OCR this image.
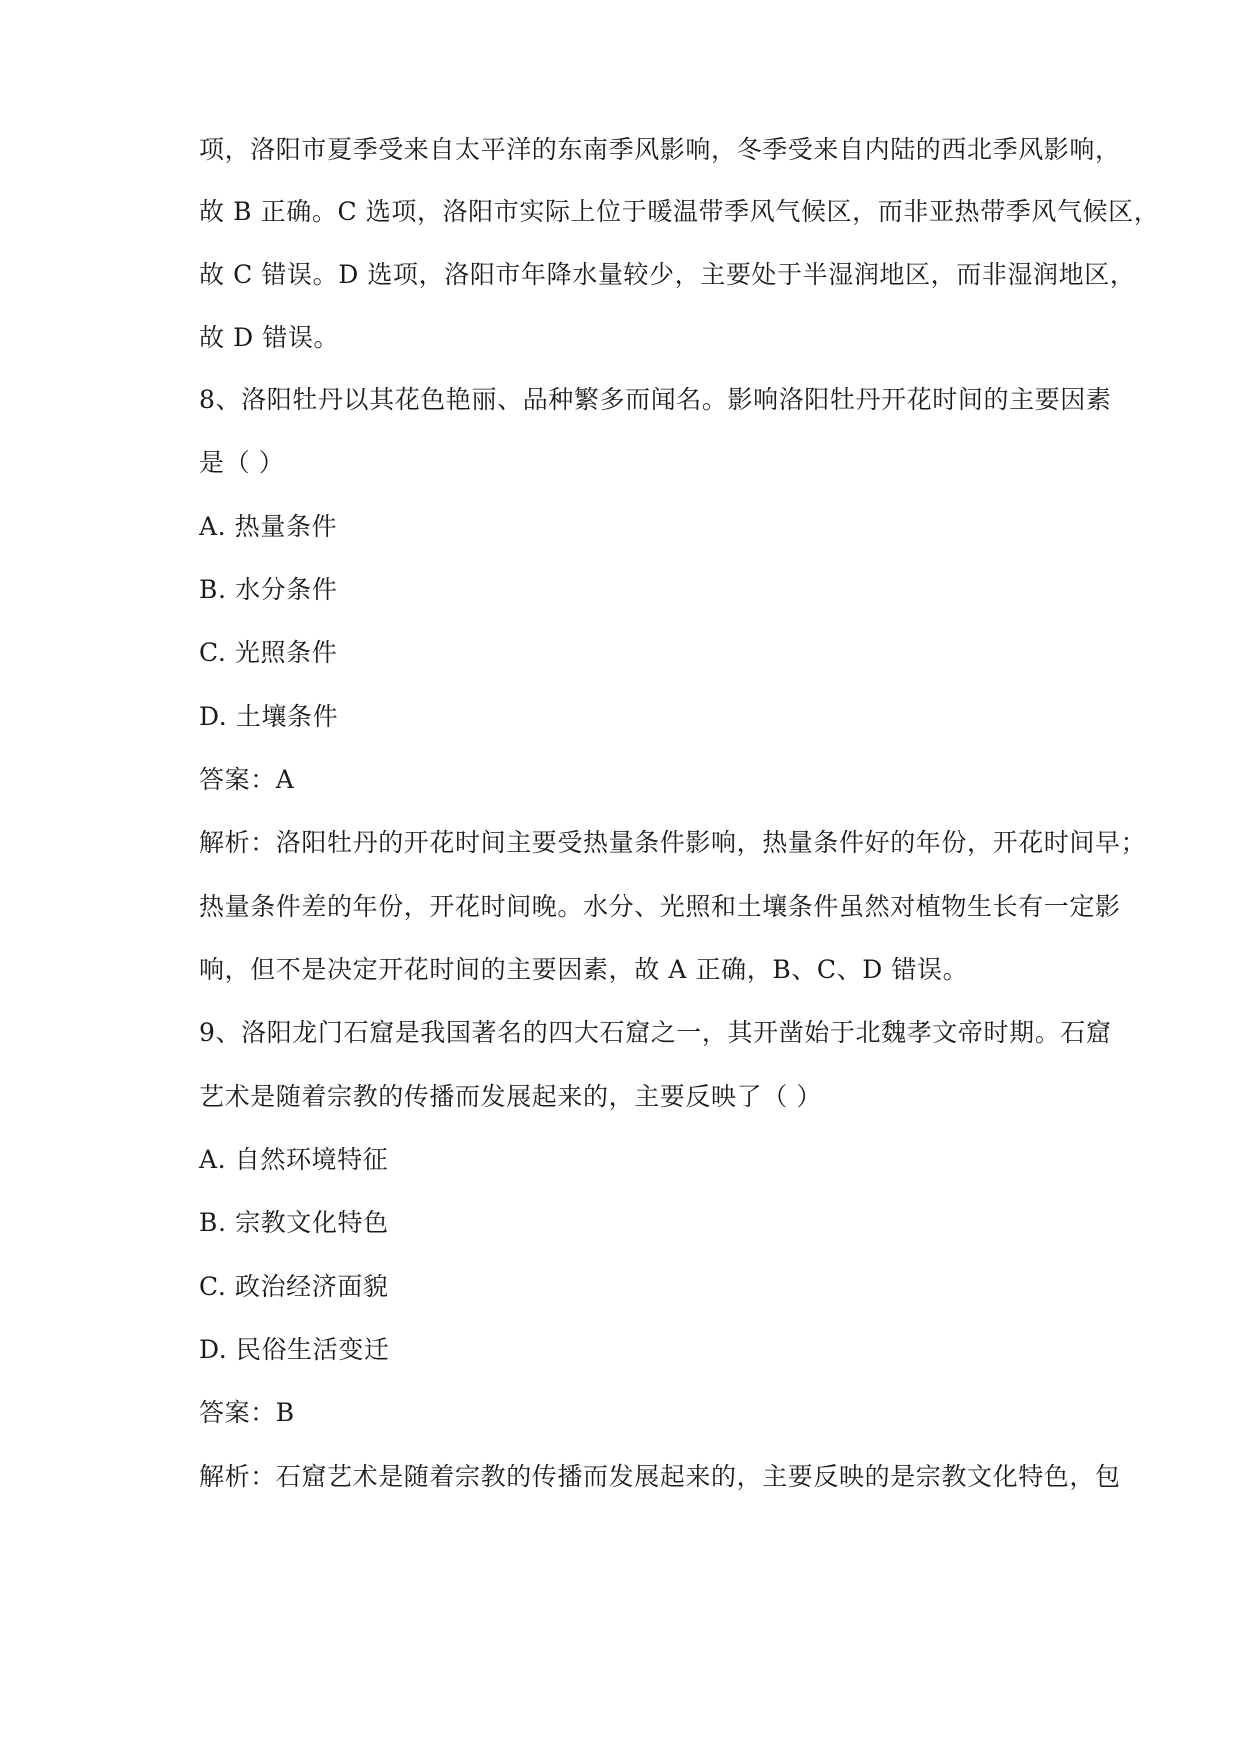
项，洛阳市夏季受来自太平洋的东南季风影响，冬季受来自内陆的西北季风影响，
故 B 正确。C 选项，洛阳市实际上位于暖温带季风气候区，而非亚热带季风气候区，
故 C 错误。D 选项，洛阳市年降水量较少，主要处于半湿润地区，而非湿润地区，
故 D 错误。
8、洛阳牡丹以其花色艳丽、品种繁多而闻名。影响洛阳牡丹开花时间的主要因素
是（ ）
A. 热量条件
B. 水分条件
C. 光照条件
D. 土壤条件
答案：A
解析：洛阳牡丹的开花时间主要受热量条件影响，热量条件好的年份，开花时间早；
热量条件差的年份，开花时间晚。水分、光照和土壤条件虽然对植物生长有一定影
响，但不是决定开花时间的主要因素，故 A 正确，B、C、D 错误。
9、洛阳龙门石窟是我国著名的四大石窟之一，其开凿始于北魏孝文帝时期。石窟
艺术是随着宗教的传播而发展起来的，主要反映了（ ）
A. 自然环境特征
B. 宗教文化特色
C. 政治经济面貌
D. 民俗生活变迁
答案：B
解析：石窟艺术是随着宗教的传播而发展起来的，主要反映的是宗教文化特色，包
